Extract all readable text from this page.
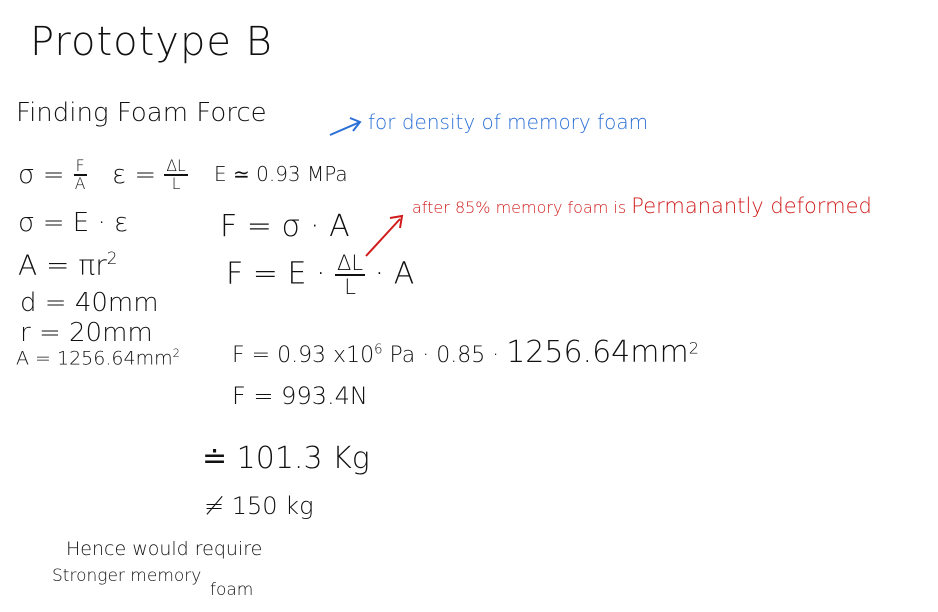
Prototype B
Finding Foam Force	for density of memory foam
after 85% memory foam is Permanantly deformed
$\sigma = \frac{F}{A}$ $\varepsilon = \frac{\Delta L}{L}$
σ = E · ε
$A = \pi r^2$
d = 40mm
r = 20mm
$A = 1256.64mm^2$
E ≃ 0.93 MPa
F = σ · A
$F = E \cdot \frac{\Delta L}{L} \cdot A$
F = 0.93 $x10^6$ $Pa \cdot 0.85 \cdot 1256.64mm^2$
F = 993.4N
≐ 101.3 Kg
≠ 150 kg
Hence would require
Stronger memory
foam
